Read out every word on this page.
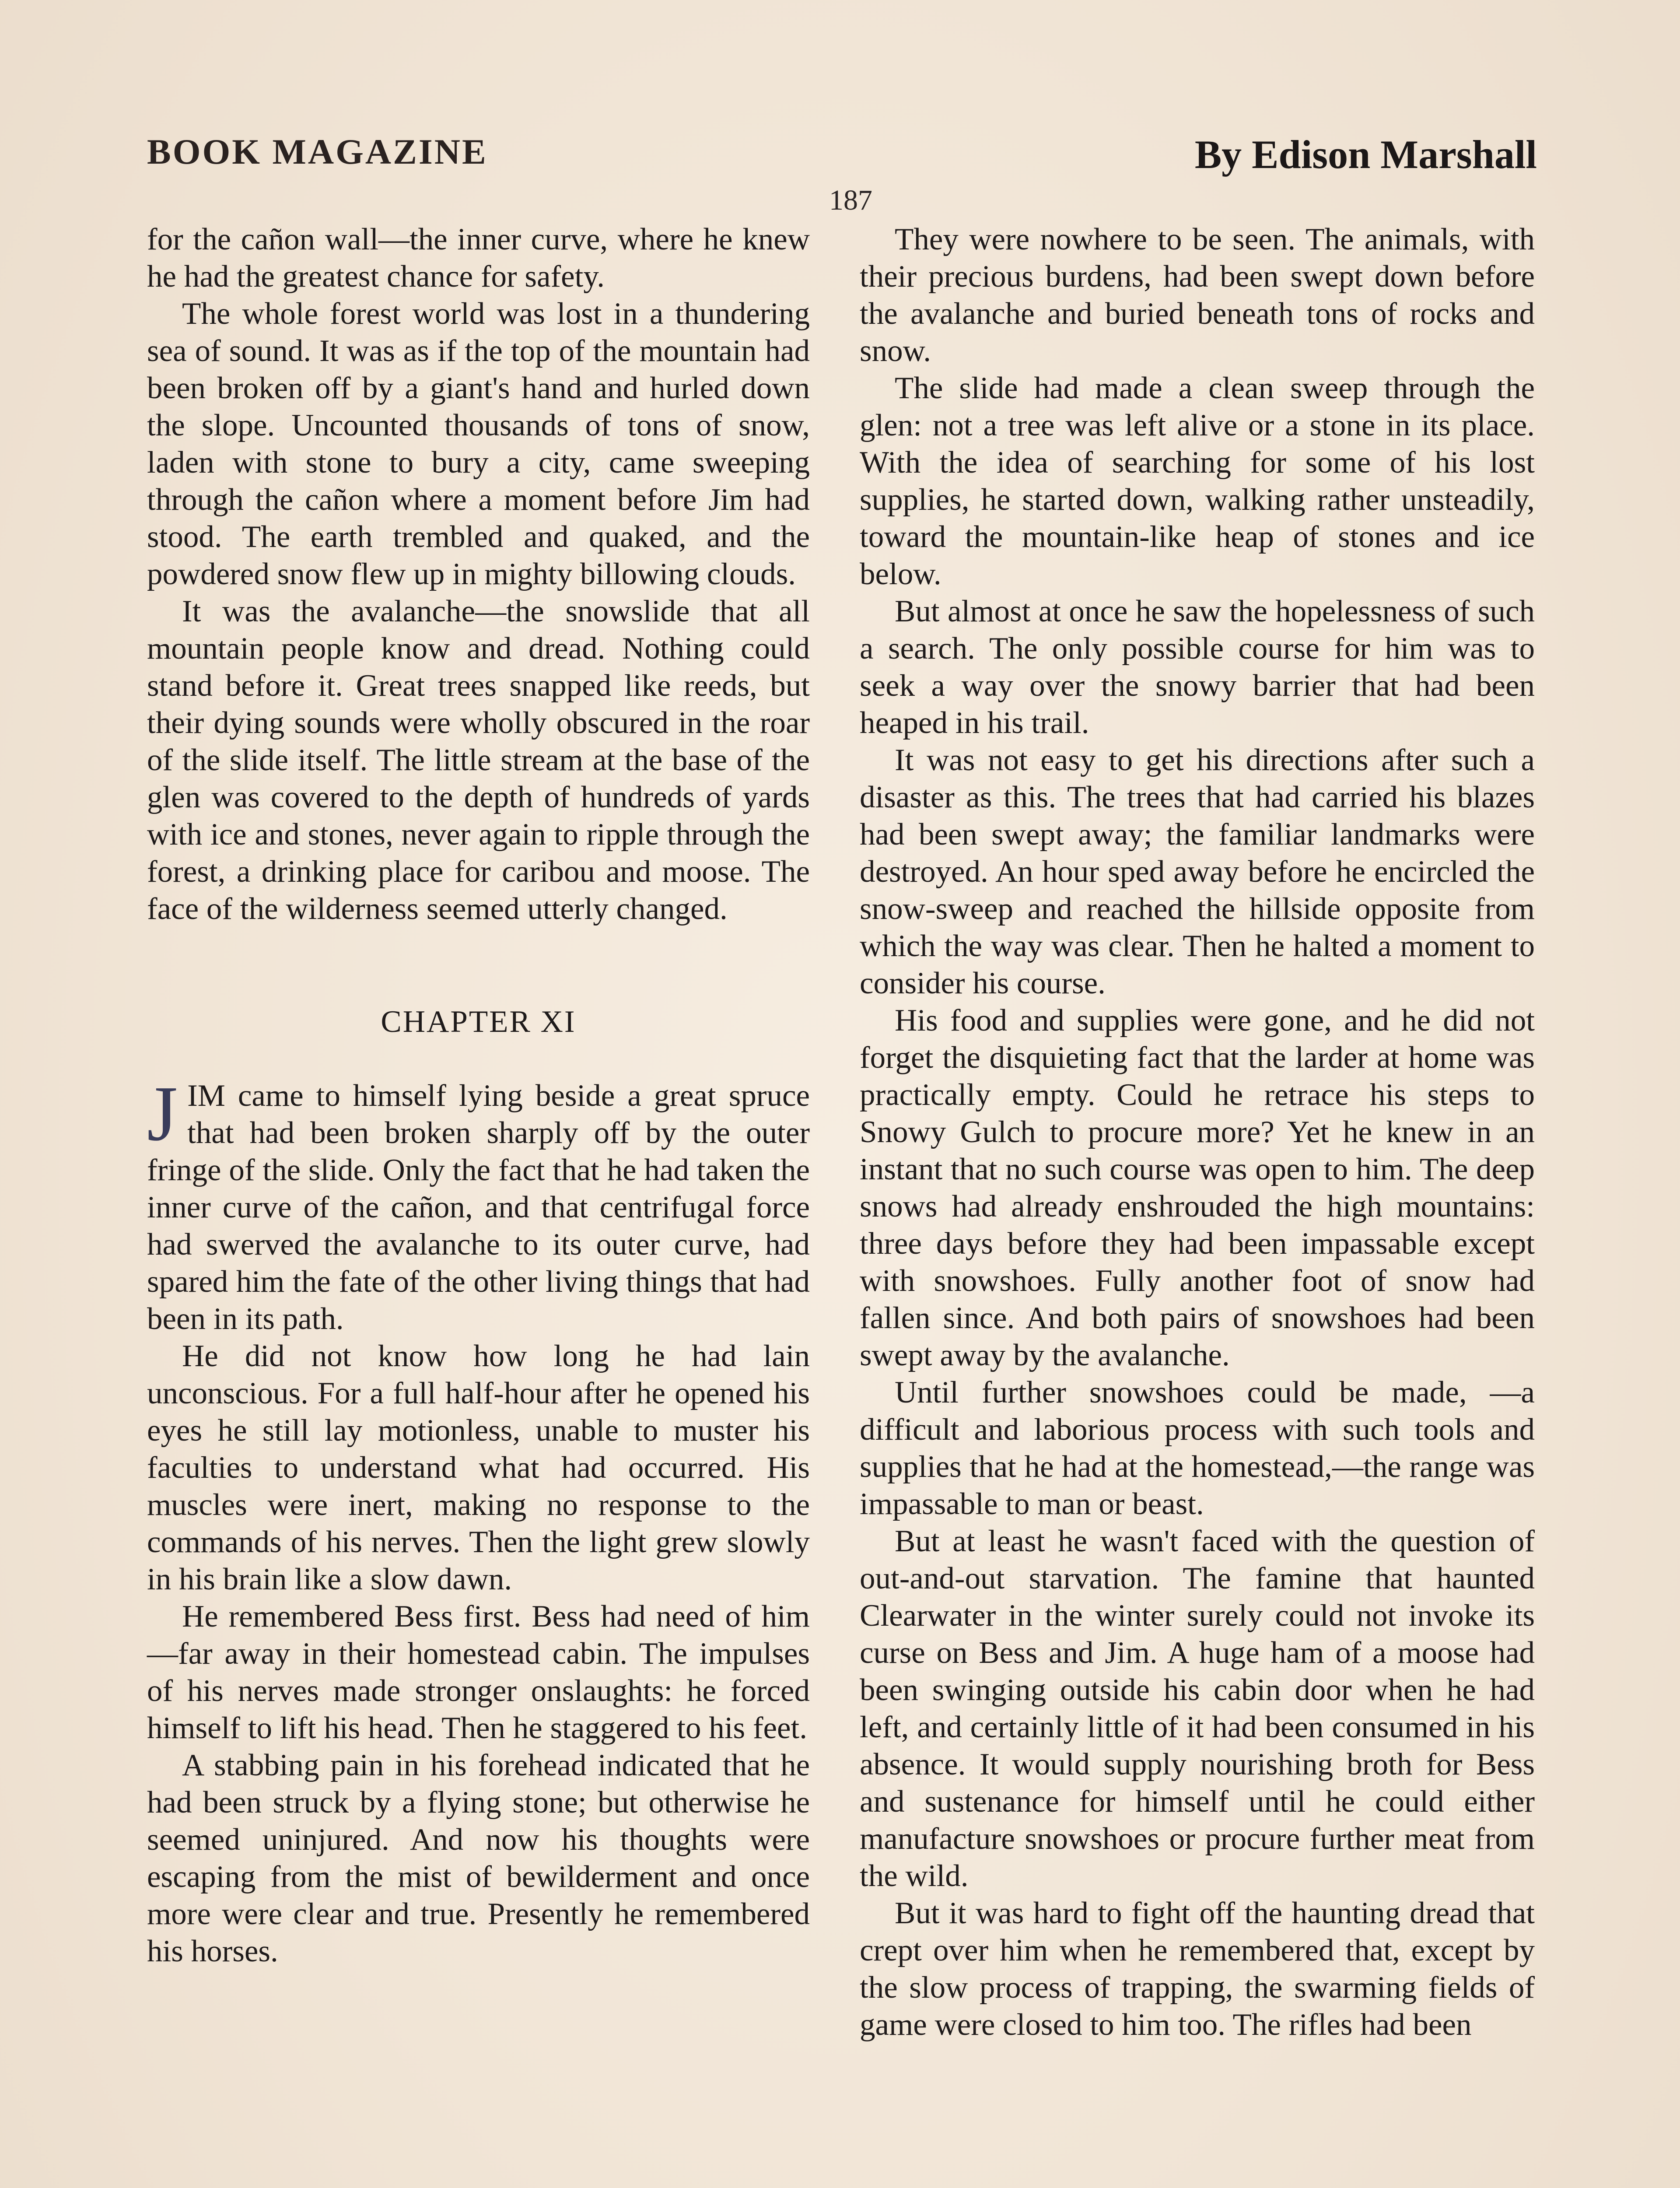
BOOK MAGAZINE	By Edison Marshall
187

for the cañon wall—the inner curve, where he knew he had the greatest chance for safety.

The whole forest world was lost in a thundering sea of sound. It was as if the top of the mountain had been broken off by a giant's hand and hurled down the slope. Uncounted thousands of tons of snow, laden with stone to bury a city, came sweeping through the cañon where a moment before Jim had stood. The earth trembled and quaked, and the powdered snow flew up in mighty billowing clouds.

It was the avalanche—the snowslide that all mountain people know and dread. Nothing could stand before it. Great trees snapped like reeds, but their dying sounds were wholly obscured in the roar of the slide itself. The little stream at the base of the glen was covered to the depth of hundreds of yards with ice and stones, never again to ripple through the forest, a drinking place for caribou and moose. The face of the wilderness seemed utterly changed.

CHAPTER XI

JIM came to himself lying beside a great spruce that had been broken sharply off by the outer fringe of the slide. Only the fact that he had taken the inner curve of the cañon, and that centrifugal force had swerved the avalanche to its outer curve, had spared him the fate of the other living things that had been in its path.

He did not know how long he had lain unconscious. For a full half-hour after he opened his eyes he still lay motionless, unable to muster his faculties to understand what had occurred. His muscles were inert, making no response to the commands of his nerves. Then the light grew slowly in his brain like a slow dawn.

He remembered Bess first. Bess had need of him—far away in their homestead cabin. The impulses of his nerves made stronger onslaughts: he forced himself to lift his head. Then he staggered to his feet.

A stabbing pain in his forehead indicated that he had been struck by a flying stone; but otherwise he seemed uninjured. And now his thoughts were escaping from the mist of bewilderment and once more were clear and true. Presently he remembered his horses.

They were nowhere to be seen. The animals, with their precious burdens, had been swept down before the avalanche and buried beneath tons of rocks and snow.

The slide had made a clean sweep through the glen: not a tree was left alive or a stone in its place. With the idea of searching for some of his lost supplies, he started down, walking rather unsteadily, toward the mountain-like heap of stones and ice below.

But almost at once he saw the hopelessness of such a search. The only possible course for him was to seek a way over the snowy barrier that had been heaped in his trail.

It was not easy to get his directions after such a disaster as this. The trees that had carried his blazes had been swept away; the familiar landmarks were destroyed. An hour sped away before he encircled the snow-sweep and reached the hillside opposite from which the way was clear. Then he halted a moment to consider his course.

His food and supplies were gone, and he did not forget the disquieting fact that the larder at home was practically empty. Could he retrace his steps to Snowy Gulch to procure more? Yet he knew in an instant that no such course was open to him. The deep snows had already enshrouded the high mountains: three days before they had been impassable except with snowshoes. Fully another foot of snow had fallen since. And both pairs of snowshoes had been swept away by the avalanche.

Until further snowshoes could be made, —a difficult and laborious process with such tools and supplies that he had at the homestead,—the range was impassable to man or beast.

But at least he wasn't faced with the question of out-and-out starvation. The famine that haunted Clearwater in the winter surely could not invoke its curse on Bess and Jim. A huge ham of a moose had been swinging outside his cabin door when he had left, and certainly little of it had been consumed in his absence. It would supply nourishing broth for Bess and sustenance for himself until he could either manufacture snowshoes or procure further meat from the wild.

But it was hard to fight off the haunting dread that crept over him when he remembered that, except by the slow process of trapping, the swarming fields of game were closed to him too. The rifles had been
